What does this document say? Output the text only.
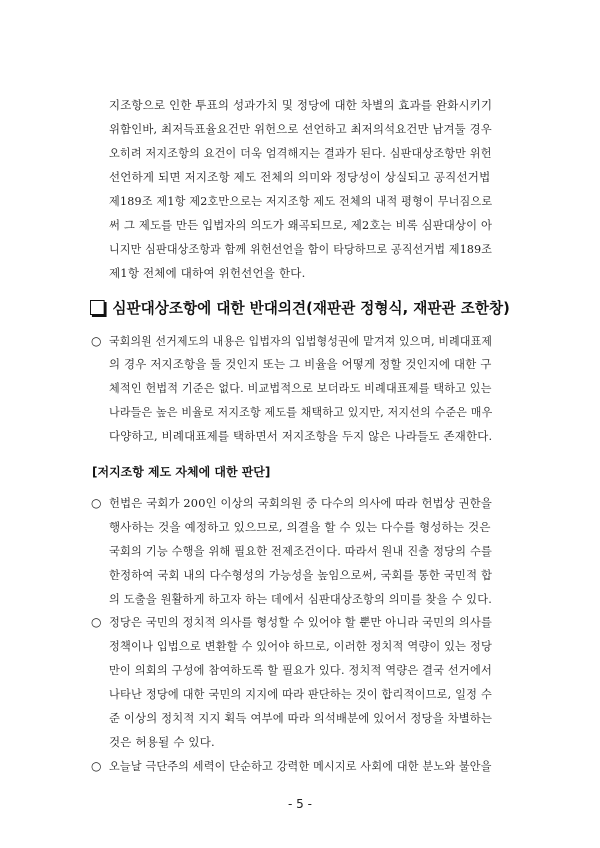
지조항으로 인한 투표의 성과가치 및 정당에 대한 차별의 효과를 완화시키기
위함인바, 최저득표율요건만 위헌으로 선언하고 최저의석요건만 남겨둘 경우
오히려 저지조항의 요건이 더욱 엄격해지는 결과가 된다. 심판대상조항만 위헌
선언하게 되면 저지조항 제도 전체의 의미와 정당성이 상실되고 공직선거법
제189조 제1항 제2호만으로는 저지조항 제도 전체의 내적 평형이 무너짐으로
써 그 제도를 만든 입법자의 의도가 왜곡되므로, 제2호는 비록 심판대상이 아
니지만 심판대상조항과 함께 위헌선언을 함이 타당하므로 공직선거법 제189조
제1항 전체에 대하여 위헌선언을 한다.
심판대상조항에 대한 반대의견(재판관 정형식, 재판관 조한창)
○ 국회의원 선거제도의 내용은 입법자의 입법형성권에 맡겨져 있으며, 비례대표제
의 경우 저지조항을 둘 것인지 또는 그 비율을 어떻게 정할 것인지에 대한 구
체적인 헌법적 기준은 없다. 비교법적으로 보더라도 비례대표제를 택하고 있는
나라들은 높은 비율로 저지조항 제도를 채택하고 있지만, 저지선의 수준은 매우
다양하고, 비례대표제를 택하면서 저지조항을 두지 않은 나라들도 존재한다.
[저지조항 제도 자체에 대한 판단]
○ 헌법은 국회가 200인 이상의 국회의원 중 다수의 의사에 따라 헌법상 권한을
행사하는 것을 예정하고 있으므로, 의결을 할 수 있는 다수를 형성하는 것은
국회의 기능 수행을 위해 필요한 전제조건이다. 따라서 원내 진출 정당의 수를
한정하여 국회 내의 다수형성의 가능성을 높임으로써, 국회를 통한 국민적 합
의 도출을 원활하게 하고자 하는 데에서 심판대상조항의 의미를 찾을 수 있다.
○ 정당은 국민의 정치적 의사를 형성할 수 있어야 할 뿐만 아니라 국민의 의사를
정책이나 입법으로 변환할 수 있어야 하므로, 이러한 정치적 역량이 있는 정당
만이 의회의 구성에 참여하도록 할 필요가 있다. 정치적 역량은 결국 선거에서
나타난 정당에 대한 국민의 지지에 따라 판단하는 것이 합리적이므로, 일정 수
준 이상의 정치적 지지 획득 여부에 따라 의석배분에 있어서 정당을 차별하는
것은 허용될 수 있다.
○ 오늘날 극단주의 세력이 단순하고 강력한 메시지로 사회에 대한 분노와 불안을
- 5 -
